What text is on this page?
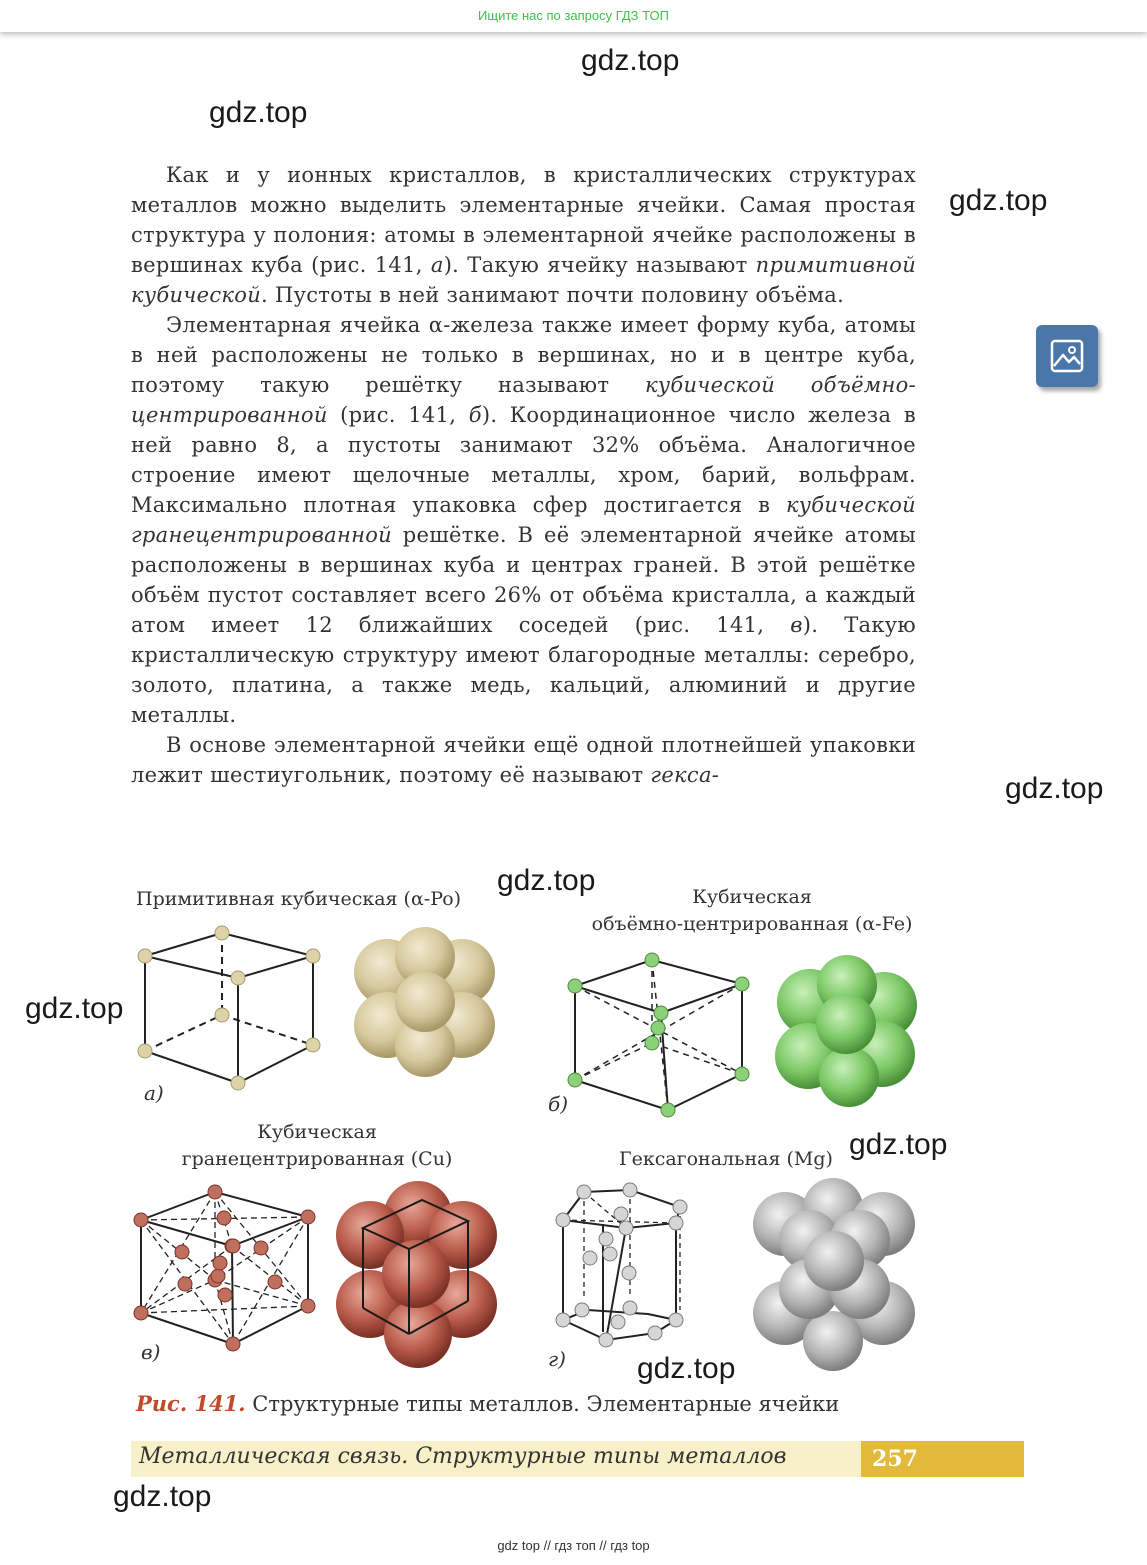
Ищите нас по запросу ГДЗ ТОП
gdz.top
gdz.top
gdz.top
gdz.top
gdz.top
gdz.top
gdz.top
gdz.top
gdz.top

Как и у ионных кристаллов, в кристаллических структурах металлов можно выделить элементарные ячейки. Самая простая структура у полония: атомы в элементарной ячейке расположены в вершинах куба (рис. 141, а). Такую ячейку называют примитивной кубической. Пустоты в ней занимают почти половину объёма.

Элементарная ячейка α-железа также имеет форму куба, атомы в ней расположены не только в вершинах, но и в центре куба, поэтому такую решётку называют кубической объёмно-центрированной (рис. 141, б). Координационное число железа в ней равно 8, а пустоты занимают 32% объёма. Аналогичное строение имеют щелочные металлы, хром, барий, вольфрам. Максимально плотная упаковка сфер достигается в кубической гранецентрированной решётке. В её элементарной ячейке атомы расположены в вершинах куба и центрах граней. В этой решётке объём пустот составляет всего 26% от объёма кристалла, а каждый атом имеет 12 ближайших соседей (рис. 141, в). Такую кристаллическую структуру имеют благородные металлы: серебро, золото, платина, а также медь, кальций, алюминий и другие металлы.

В основе элементарной ячейки ещё одной плотнейшей упаковки лежит шестиугольник, поэтому её называют гекса-

Примитивная кубическая (α-Po)	Кубическая
объёмно-центрированная (α-Fe)
Кубическая
гранецентрированная (Cu)	Гексагональная (Mg)
а)	б)
в)	г)
Рис. 141. Структурные типы металлов. Элементарные ячейки
Металлическая связь. Структурные типы металлов	257
gdz top // гдз топ // гдз top
